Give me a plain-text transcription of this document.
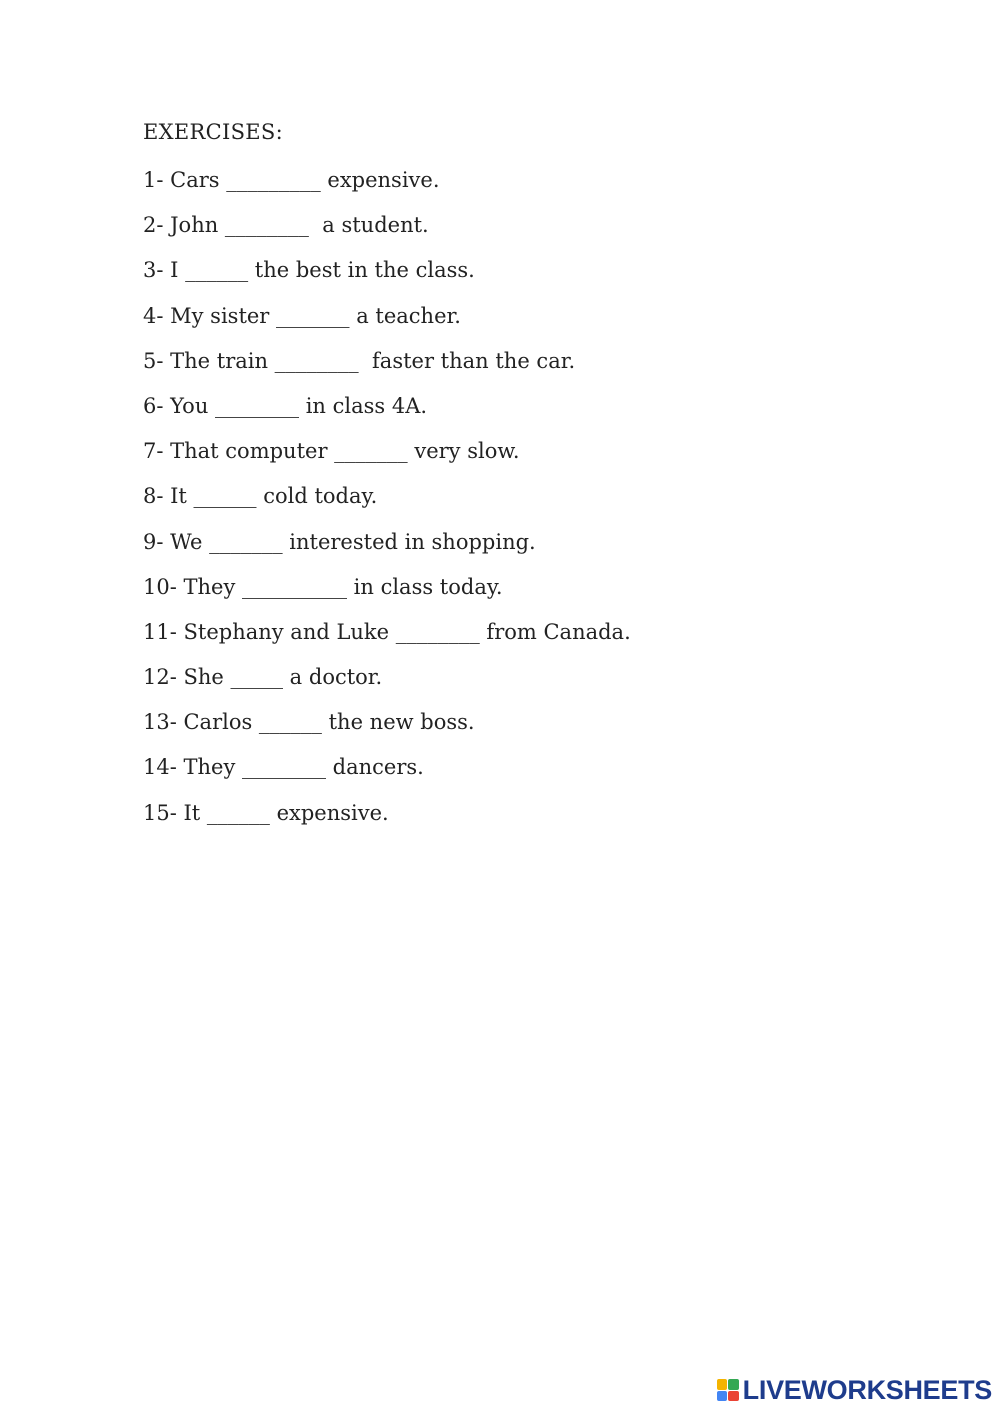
EXERCISES:
1- Cars _________ expensive.
2- John ________  a student.
3- I ______ the best in the class.
4- My sister _______ a teacher.
5- The train ________  faster than the car.
6- You ________ in class 4A.
7- That computer _______ very slow.
8- It ______ cold today.
9- We _______ interested in shopping.
10- They __________ in class today.
11- Stephany and Luke ________ from Canada.
12- She _____ a doctor.
13- Carlos ______ the new boss.
14- They ________ dancers.
15- It ______ expensive.
LIVEWORKSHEETS
